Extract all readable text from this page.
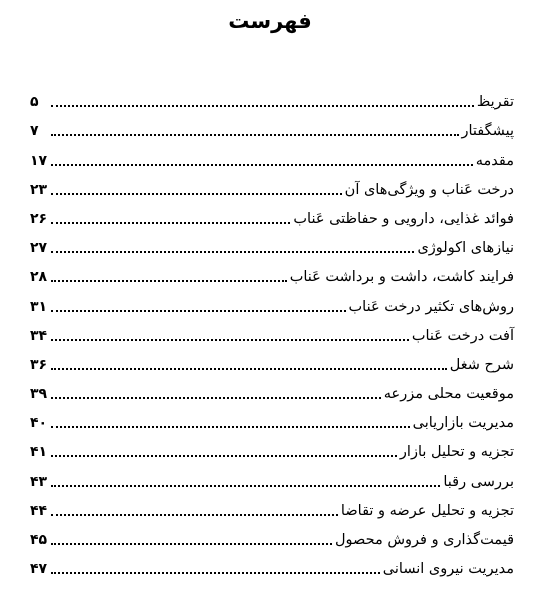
فهرست
تقریظ
۵
پیشگفتار
۷
مقدمه
۱۷
درخت عَناب و ویژگی‌های آن
۲۳
فوائد غذایی، دارویی و حفاظتی عَناب
۲۶
نیازهای اکولوژی
۲۷
فرایند کاشت، داشت و برداشت عَناب
۲۸
روش‌های تکثیر درخت عَناب
۳۱
آفت درخت عَناب
۳۴
شرح شغل
۳۶
موقعیت محلی مزرعه
۳۹
مدیریت بازاریابی
۴۰
تجزیه و تحلیل بازار
۴۱
بررسی رقبا
۴۳
تجزیه و تحلیل عرضه و تقاضا
۴۴
قیمت‌گذاری و فروش محصول
۴۵
مدیریت نیروی انسانی
۴۷
